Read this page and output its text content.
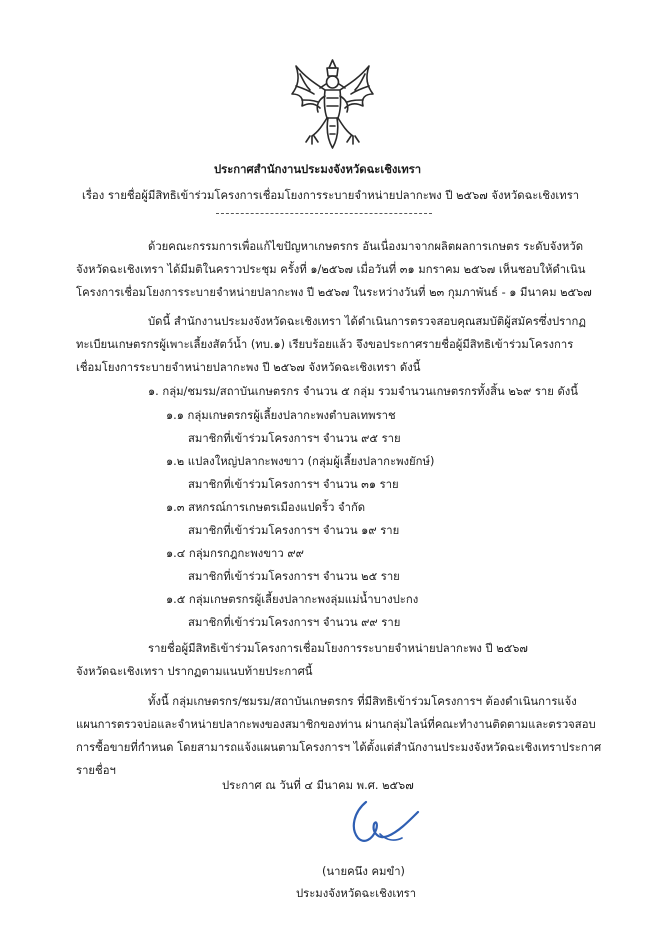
ประกาศสำนักงานประมงจังหวัดฉะเชิงเทรา
เรื่อง รายชื่อผู้มีสิทธิเข้าร่วมโครงการเชื่อมโยงการระบายจำหน่ายปลากะพง ปี ๒๕๖๗ จังหวัดฉะเชิงเทรา
ด้วยคณะกรรมการเพื่อแก้ไขปัญหาเกษตรกร อันเนื่องมาจากผลิตผลการเกษตร ระดับจังหวัด
จังหวัดฉะเชิงเทรา ได้มีมติในคราวประชุม ครั้งที่ ๑/๒๕๖๗ เมื่อวันที่ ๓๑ มกราคม ๒๕๖๗ เห็นชอบให้ดำเนิน
โครงการเชื่อมโยงการระบายจำหน่ายปลากะพง ปี ๒๕๖๗ ในระหว่างวันที่ ๒๓ กุมภาพันธ์ - ๑ มีนาคม ๒๕๖๗
บัดนี้ สำนักงานประมงจังหวัดฉะเชิงเทรา ได้ดำเนินการตรวจสอบคุณสมบัติผู้สมัครซึ่งปรากฏ
ทะเบียนเกษตรกรผู้เพาะเลี้ยงสัตว์น้ำ (ทบ.๑) เรียบร้อยแล้ว จึงขอประกาศรายชื่อผู้มีสิทธิเข้าร่วมโครงการ
เชื่อมโยงการระบายจำหน่ายปลากะพง ปี ๒๕๖๗ จังหวัดฉะเชิงเทรา ดังนี้
๑. กลุ่ม/ชมรม/สถาบันเกษตรกร จำนวน ๕ กลุ่ม รวมจำนวนเกษตรกรทั้งสิ้น ๒๖๙ ราย ดังนี้
๑.๑ กลุ่มเกษตรกรผู้เลี้ยงปลากะพงตำบลเทพราช
สมาชิกที่เข้าร่วมโครงการฯ จำนวน ๙๕ ราย
๑.๒ แปลงใหญ่ปลากะพงขาว (กลุ่มผู้เลี้ยงปลากะพงยักษ์)
สมาชิกที่เข้าร่วมโครงการฯ จำนวน ๓๑ ราย
๑.๓ สหกรณ์การเกษตรเมืองแปดริ้ว จำกัด
สมาชิกที่เข้าร่วมโครงการฯ จำนวน ๑๙ ราย
๑.๔ กลุ่มกรกฎกะพงขาว ๙๙
สมาชิกที่เข้าร่วมโครงการฯ จำนวน ๒๕ ราย
๑.๕ กลุ่มเกษตรกรผู้เลี้ยงปลากะพงลุ่มแม่น้ำบางปะกง
สมาชิกที่เข้าร่วมโครงการฯ จำนวน ๙๙ ราย
รายชื่อผู้มีสิทธิเข้าร่วมโครงการเชื่อมโยงการระบายจำหน่ายปลากะพง ปี ๒๕๖๗
จังหวัดฉะเชิงเทรา ปรากฏตามแนบท้ายประกาศนี้
ทั้งนี้ กลุ่มเกษตรกร/ชมรม/สถาบันเกษตรกร ที่มีสิทธิเข้าร่วมโครงการฯ ต้องดำเนินการแจ้ง
แผนการตรวจบ่อและจำหน่ายปลากะพงของสมาชิกของท่าน ผ่านกลุ่มไลน์ที่คณะทำงานติดตามและตรวจสอบ
การซื้อขายที่กำหนด โดยสามารถแจ้งแผนตามโครงการฯ ได้ตั้งแต่สำนักงานประมงจังหวัดฉะเชิงเทราประกาศ
รายชื่อฯ
ประกาศ ณ วันที่ ๔ มีนาคม พ.ศ. ๒๕๖๗
(นายคนึง คมขำ)
ประมงจังหวัดฉะเชิงเทรา
